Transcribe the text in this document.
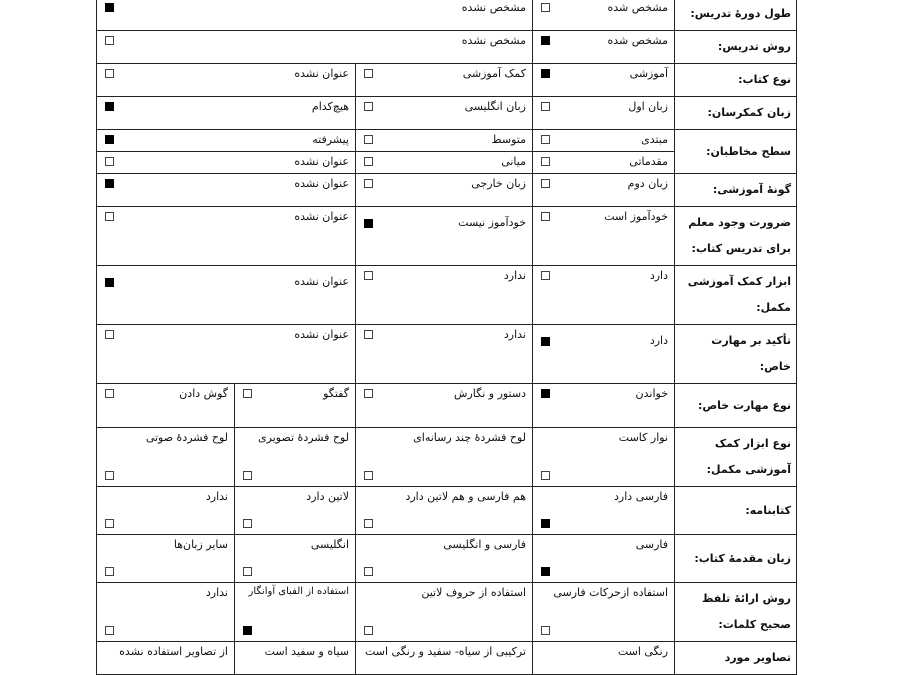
طول دورهٔ تدریس:	مشخص شده	مشخص نشده		

روش تدریس:	مشخص شده	مشخص نشده		

نوع کتاب:	آموزشی	کمک آموزشی	عنوان نشده	

زبان کمکرسان:	زبان اول	زبان انگلیسی	هیچ‌کدام	

سطح مخاطبان:	مبتدی	متوسط	پیشرفته	

	مقدماتی	میانی	عنوان نشده	

گونهٔ آموزشی:	زبان دوم	زبان خارجی	عنوان نشده	

ضرورت وجود معلم برای تدریس کتاب:	خودآموز است	خودآموز نیست	عنوان نشده	

ابزار کمک آموزشی مکمل:	دارد	ندارد	عنوان نشده	

تأکید بر مهارت خاص:	دارد	ندارد	عنوان نشده	

نوع مهارت خاص:	خواندن	دستور و نگارش	گفتگو	گوش دادن

نوع ابزار کمک آموزشی مکمل:	نوار کاست	لوح فشردهٔ چند رسانه‌ای	لوح فشردهٔ تصویری	لوح فشردهٔ صوتی

کتابنامه:	فارسی دارد	هم فارسی و هم لاتین دارد	لاتین دارد	ندارد

زبان مقدمهٔ کتاب:	فارسی	فارسی و انگلیسی	انگلیسی	سایر زبان‌ها

روش ارائهٔ تلفظ صحیح کلمات:	استفاده ازحرکات فارسی	استفاده از حروف لاتین	استفاده از الفبای آوانگار	ندارد

تصاویر مورد	رنگی است	ترکیبی از سیاه- سفید و رنگی است	سیاه و سفید است	از تصاویر استفاده نشده
